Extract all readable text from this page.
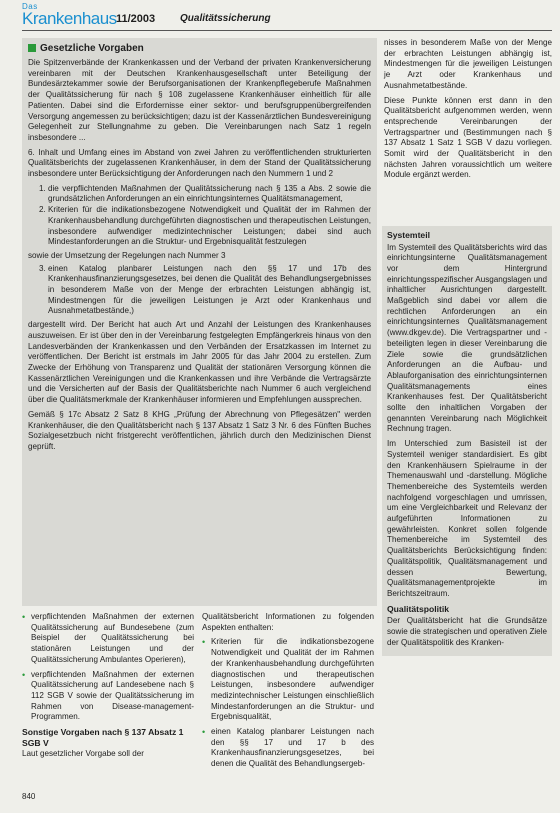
Das
Krankenhaus 11/2003 Qualitätssicherung
Gesetzliche Vorgaben

Die Spitzenverbände der Krankenkassen und der Verband der privaten Krankenversicherung vereinbaren mit der Deutschen Krankenhausgesellschaft unter Beteiligung der Bundesärztekammer sowie der Berufsorganisationen der Krankenpflegeberufe Maßnahmen der Qualitätssicherung für nach § 108 zugelassene Krankenhäuser einheitlich für alle Patienten. Dabei sind die Erfordernisse einer sektor- und berufsgruppenübergreifenden Versorgung angemessen zu berücksichtigen; dazu ist der Kassenärztlichen Bundesvereinigung Gelegenheit zur Stellungnahme zu geben. Die Vereinbarungen nach Satz 1 regeln insbesondere ...

6. Inhalt und Umfang eines im Abstand von zwei Jahren zu veröffentlichenden strukturierten Qualitätsberichts der zugelassenen Krankenhäuser, in dem der Stand der Qualitätssicherung insbesondere unter Berücksichtigung der Anforderungen nach den Nummern 1 und 2

1. die verpflichtenden Maßnahmen der Qualitätssicherung nach § 135 a Abs. 2 sowie die grundsätzlichen Anforderungen an ein einrichtungsinternes Qualitätsmanagement,
2. Kriterien für die indikationsbezogene Notwendigkeit und Qualität der im Rahmen der Krankenhausbehandlung durchgeführten diagnostischen und therapeutischen Leistungen, insbesondere aufwendiger medizintechnischer Leistungen; dabei sind auch Mindestanforderungen an die Struktur- und Ergebnisqualität festzulegen

sowie der Umsetzung der Regelungen nach Nummer 3

3. einen Katalog planbarer Leistungen nach den §§ 17 und 17b des Krankenhausfinanzierungsgesetzes, bei denen die Qualität des Behandlungsergebnisses in besonderem Maße von der Menge der erbrachten Leistungen abhängig ist, Mindestmengen für die jeweiligen Leistungen je Arzt oder Krankenhaus und Ausnahmetatbestände,)

dargestellt wird. Der Bericht hat auch Art und Anzahl der Leistungen des Krankenhauses auszuweisen. Er ist über den in der Vereinbarung festgelegten Empfängerkreis hinaus von den Landesverbänden der Krankenkassen und den Verbänden der Ersatzkassen im Internet zu veröffentlichen. Der Bericht ist erstmals im Jahr 2005 für das Jahr 2004 zu erstellen. Zum Zwecke der Erhöhung von Transparenz und Qualität der stationären Versorgung können die Kassenärztlichen Vereinigungen und die Krankenkassen und ihre Verbände die Vertragsärzte und die Versicherten auf der Basis der Qualitätsberichte nach Nummer 6 auch vergleichend über die Qualitätsmerkmale der Krankenhäuser informieren und Empfehlungen aussprechen.

Gemäß § 17c Absatz 2 Satz 8 KHG „Prüfung der Abrechnung von Pflegesätzen" werden Krankenhäuser, die den Qualitätsbericht nach § 137 Absatz 1 Satz 3 Nr. 6 des Fünften Buches Sozialgesetzbuch nicht fristgerecht veröffentlichen, jährlich durch den Medizinischen Dienst geprüft.

• verpflichtenden Maßnahmen der externen Qualitätssicherung auf Bundesebene (zum Beispiel der Qualitätssicherung bei stationären Leistungen und der Qualitätssicherung Ambulantes Operieren),
• verpflichtenden Maßnahmen der externen Qualitätssicherung auf Landesebene nach § 112 SGB V sowie der Qualitätssicherung im Rahmen von Disease-management-Programmen.
Sonstige Vorgaben nach § 137 Absatz 1 SGB V

Laut gesetzlicher Vorgabe soll der

Qualitätsbericht Informationen zu folgenden Aspekten enthalten:

• Kriterien für die indikationsbezogene Notwendigkeit und Qualität der im Rahmen der Krankenhausbehandlung durchgeführten diagnostischen und therapeutischen Leistungen, insbesondere aufwendiger medizintechnischer Leistungen einschließlich Mindestanforderungen an die Struktur- und Ergebnisqualität,
• einen Katalog planbarer Leistungen nach den §§ 17 und 17 b des Krankenhausfinanzierungsgesetzes, bei denen die Qualität des Behandlungsergeb-

nisses in besonderem Maße von der Menge der erbrachten Leistungen abhängig ist, Mindestmengen für die jeweiligen Leistungen je Arzt oder Krankenhaus und Ausnahmetatbestände.

Diese Punkte können erst dann in den Qualitätsbericht aufgenommen werden, wenn entsprechende Vereinbarungen der Vertragspartner und (Bestimmungen nach § 137 Absatz 1 Satz 1 SGB V dazu vorliegen. Somit wird der Qualitätsbericht in den nächsten Jahren voraussichtlich um weitere Module ergänzt werden.

Systemteil

Im Systemteil des Qualitätsberichts wird das einrichtungsinterne Qualitätsmanagement vor dem Hintergrund einrichtungsspezifischer Ausgangslagen und inhaltlicher Ausrichtungen dargestellt. Maßgeblich sind dabei vor allem die rechtlichen Anforderungen an ein einrichtungsinternes Qualitätsmanagement (www.dkgev.de). Die Vertragspartner und -beteiligten legen in dieser Vereinbarung die Ziele sowie die grundsätzlichen Anforderungen an die Aufbau- und Ablauforganisation des einrichtungsinternen Qualitätsmanagements eines Krankenhauses fest. Der Qualitätsbericht sollte den inhaltlichen Vorgaben der genannten Vereinbarung nach Möglichkeit Rechnung tragen.

Im Unterschied zum Basisteil ist der Systemteil weniger standardisiert. Es gibt den Krankenhäusern Spielraume in der Themenauswahl und -darstellung. Mögliche Themenbereiche des Systemteils werden nachfolgend vorgeschlagen und umrissen, um eine Vergleichbarkeit und Relevanz der aufgeführten Informationen zu gewährleisten. Konkret sollen folgende Themenbereiche im Systemteil des Qualitätsberichts Berücksichtigung finden: Qualitätspolitik, Qualitätsmanagement und dessen Bewertung, Qualitätsmanagementprojekte im Berichtszeitraum.

Qualitätspolitik

Der Qualitätsbericht hat die Grundsätze sowie die strategischen und operativen Ziele der Qualitätspolitik des Kranken-

840
